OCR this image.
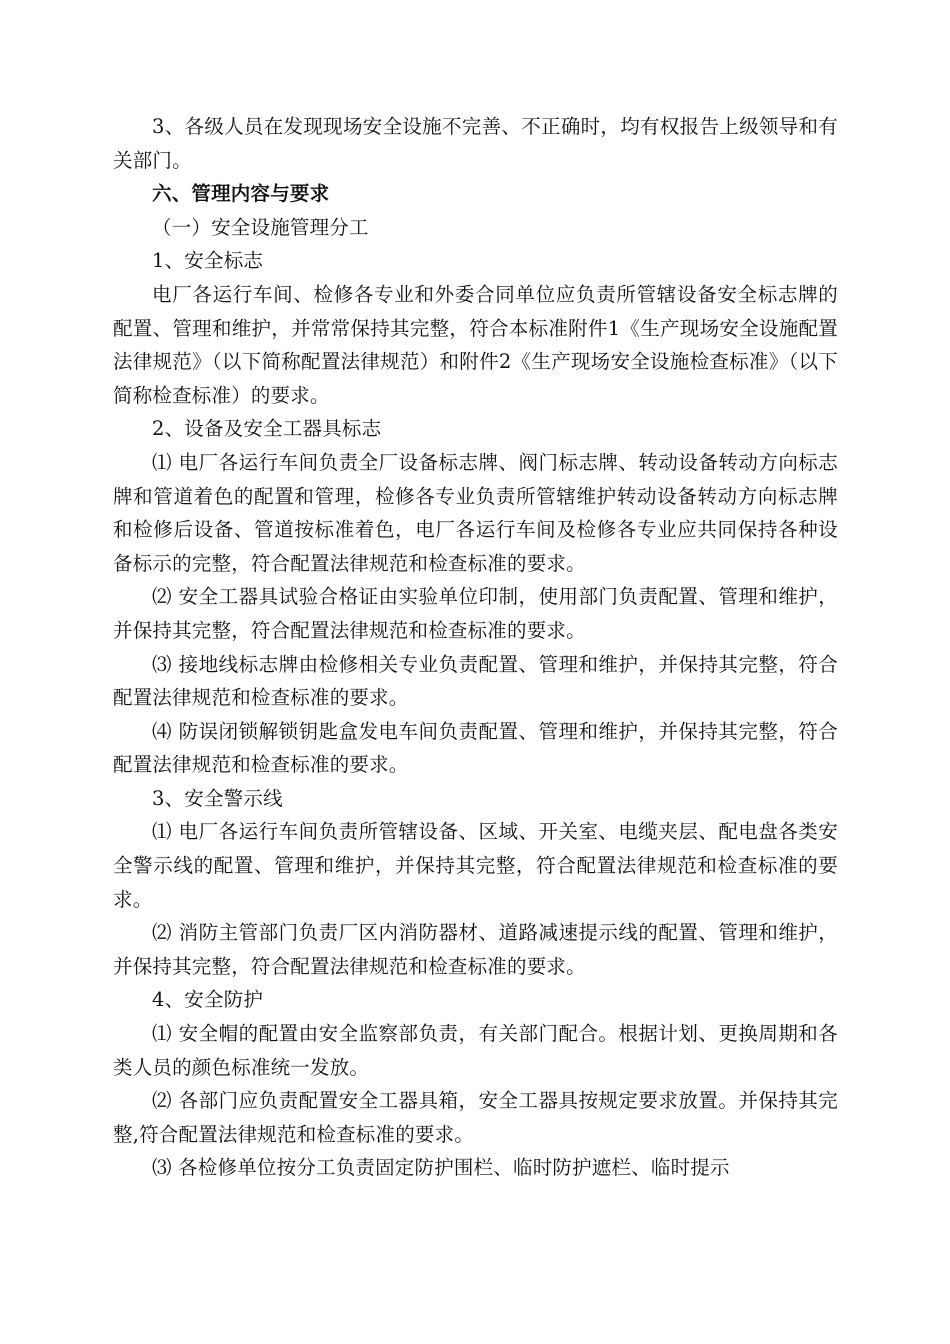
3、各级人员在发现现场安全设施不完善、不正确时，均有权报告上级领导和有关部门。

六、管理内容与要求

（一）安全设施管理分工

1、安全标志

电厂各运行车间、检修各专业和外委合同单位应负责所管辖设备安全标志牌的配置、管理和维护，并常常保持其完整，符合本标准附件1《生产现场安全设施配置法律规范》（以下简称配置法律规范）和附件2《生产现场安全设施检查标准》（以下简称检查标准）的要求。

2、设备及安全工器具标志

⑴ 电厂各运行车间负责全厂设备标志牌、阀门标志牌、转动设备转动方向标志牌和管道着色的配置和管理，检修各专业负责所管辖维护转动设备转动方向标志牌和检修后设备、管道按标准着色，电厂各运行车间及检修各专业应共同保持各种设备标示的完整，符合配置法律规范和检查标准的要求。

⑵ 安全工器具试验合格证由实验单位印制，使用部门负责配置、管理和维护，并保持其完整，符合配置法律规范和检查标准的要求。

⑶ 接地线标志牌由检修相关专业负责配置、管理和维护，并保持其完整，符合配置法律规范和检查标准的要求。

⑷ 防误闭锁解锁钥匙盒发电车间负责配置、管理和维护，并保持其完整，符合配置法律规范和检查标准的要求。

3、安全警示线

⑴ 电厂各运行车间负责所管辖设备、区域、开关室、电缆夹层、配电盘各类安全警示线的配置、管理和维护，并保持其完整，符合配置法律规范和检查标准的要求。

⑵ 消防主管部门负责厂区内消防器材、道路减速提示线的配置、管理和维护，并保持其完整，符合配置法律规范和检查标准的要求。

4、安全防护

⑴ 安全帽的配置由安全监察部负责，有关部门配合。根据计划、更换周期和各类人员的颜色标准统一发放。

⑵ 各部门应负责配置安全工器具箱，安全工器具按规定要求放置。并保持其完整,符合配置法律规范和检查标准的要求。

⑶ 各检修单位按分工负责固定防护围栏、临时防护遮栏、临时提示
